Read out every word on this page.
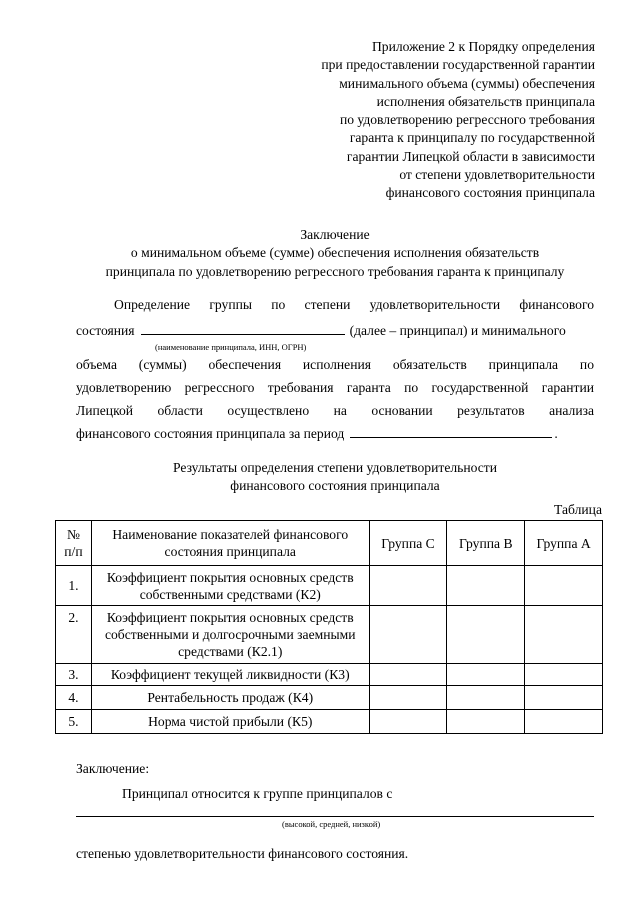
Приложение 2 к Порядку определения
при предоставлении государственной гарантии
минимального объема (суммы) обеспечения
исполнения обязательств принципала
по удовлетворению регрессного требования
гаранта к принципалу по государственной
гарантии Липецкой области в зависимости
от степени удовлетворительности
финансового состояния принципала
Заключение
о минимальном объеме (сумме) обеспечения исполнения обязательств
принципала по удовлетворению регрессного требования гаранта к принципалу
Определение группы по степени удовлетворительности финансового
состояния	(далее – принципал) и минимального
(наименование принципала, ИНН, ОГРН)
объема (суммы) обеспечения исполнения обязательств принципала по
удовлетворению регрессного требования гаранта по государственной гарантии
Липецкой области осуществлено на основании результатов анализа
финансового состояния принципала за период	.
Результаты определения степени удовлетворительности
финансового состояния принципала
Таблица
№ п/п	Наименование показателей финансового состояния принципала	Группа С	Группа В	Группа А
1.	Коэффициент покрытия основных средств собственными средствами (К2)			
2.	Коэффициент покрытия основных средств собственными и долгосрочными заемными средствами (К2.1)			
3.	Коэффициент текущей ликвидности (К3)			
4.	Рентабельность продаж (К4)			
5.	Норма чистой прибыли (К5)			
Заключение:
Принципал относится к группе принципалов с
(высокой, средней, низкой)
степенью удовлетворительности финансового состояния.
